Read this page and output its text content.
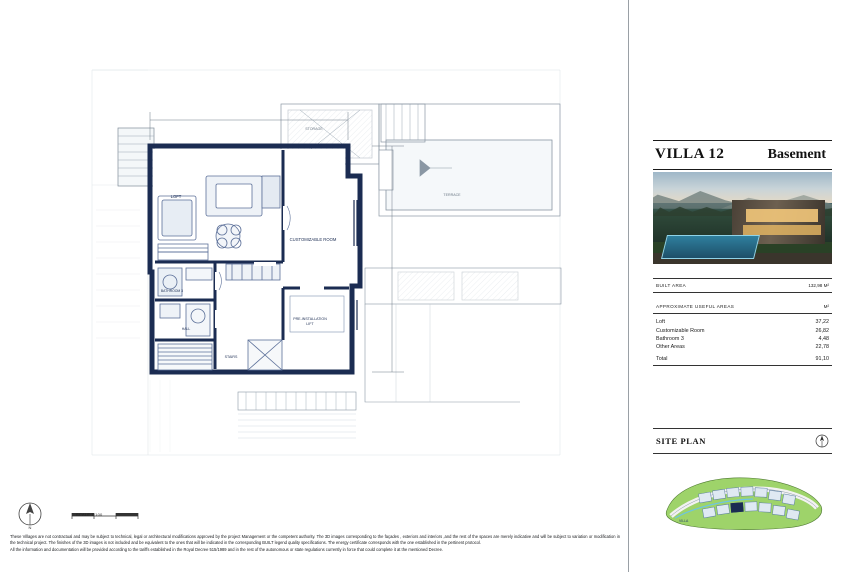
LOFT
CUSTOMIZABLE ROOM
PRE-INSTALLATION
LIFT
BATHROOM 3
HALL
STAIRS
STORAGE
TERRACE
N
SCALE 1:100

These Villages are not contractual and may be subject to technical, legal or architectural modifications approved by the project Management or the competent authority. The 3D images corresponding to the façades , exteriors and interiors ,and the rest of the spaces are merely indicative and will be subject to variation or modification in the technical project. The finishes of the 3D images is not included and be equivalent to the ones that will be indicated in the corresponding BUILT legend quality specifications. The energy certificate corresponds with the one established in the pertinent protocol.

All the information and documentation will be provided according to the tariffs established in the Royal Decree 515/1989 and in the rest of the autonomous or state regulations currently in force that could complete it at the mentioned Decree.

VILLA 12	Basement
BUILT AREA	132,98 M²
APPROXIMATE USEFUL AREAS	M²
Loft	37,22
Customizable Room	26,82
Bathroom 3	4,48
Other Areas	22,78
Total	91,10
SITE PLAN
VILLA
